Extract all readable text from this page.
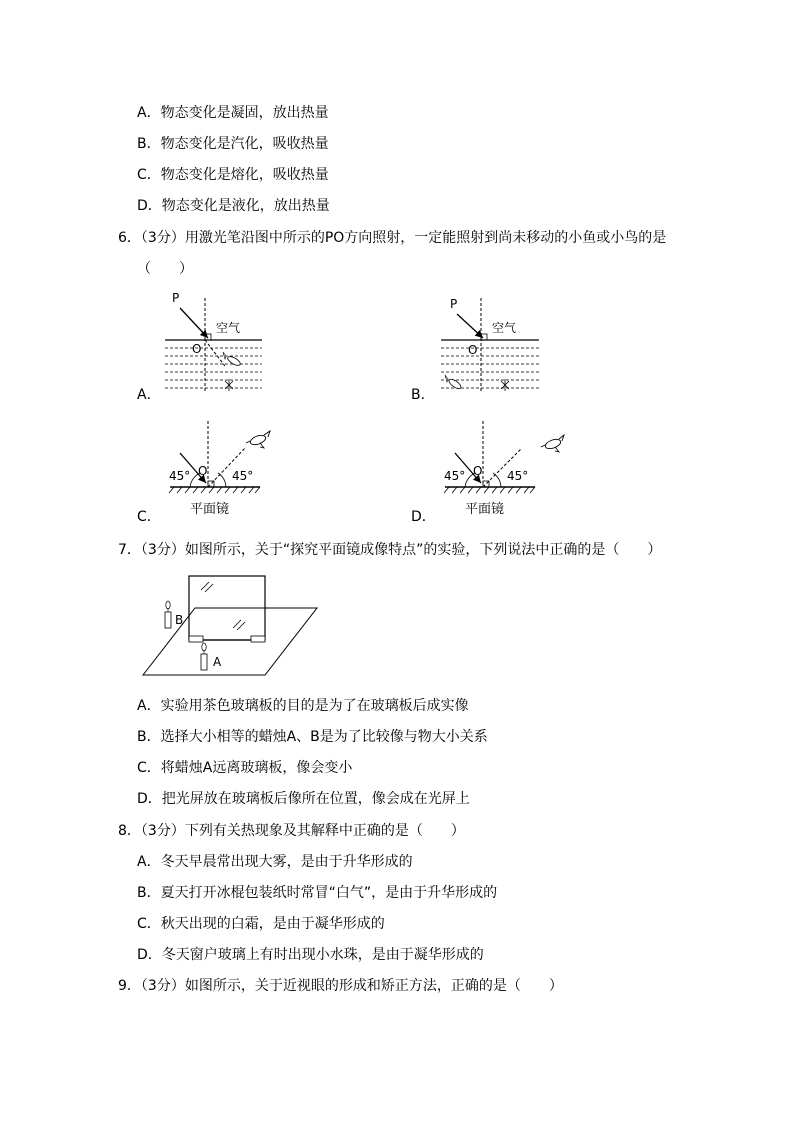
A．物态变化是凝固，放出热量
B．物态变化是汽化，吸收热量
C．物态变化是熔化，吸收热量
D．物态变化是液化，放出热量
6．（3分）用激光笔沿图中所示的PO方向照射，一定能照射到尚未移动的小鱼或小鸟的是
（　　）
P
空气
O
A．
P
空气
O
B．
45°	45°
O
平面镜
C．
45°	45°
O
平面镜
D．
7．（3分）如图所示，关于“探究平面镜成像特点”的实验，下列说法中正确的是（　　）
B
A
A．实验用茶色玻璃板的目的是为了在玻璃板后成实像
B．选择大小相等的蜡烛A、B是为了比较像与物大小关系
C．将蜡烛A远离玻璃板，像会变小
D．把光屏放在玻璃板后像所在位置，像会成在光屏上
8．（3分）下列有关热现象及其解释中正确的是（　　）
A．冬天早晨常出现大雾，是由于升华形成的
B．夏天打开冰棍包装纸时常冒“白气”，是由于升华形成的
C．秋天出现的白霜，是由于凝华形成的
D．冬天窗户玻璃上有时出现小水珠，是由于凝华形成的
9．（3分）如图所示，关于近视眼的形成和矫正方法，正确的是（　　）
